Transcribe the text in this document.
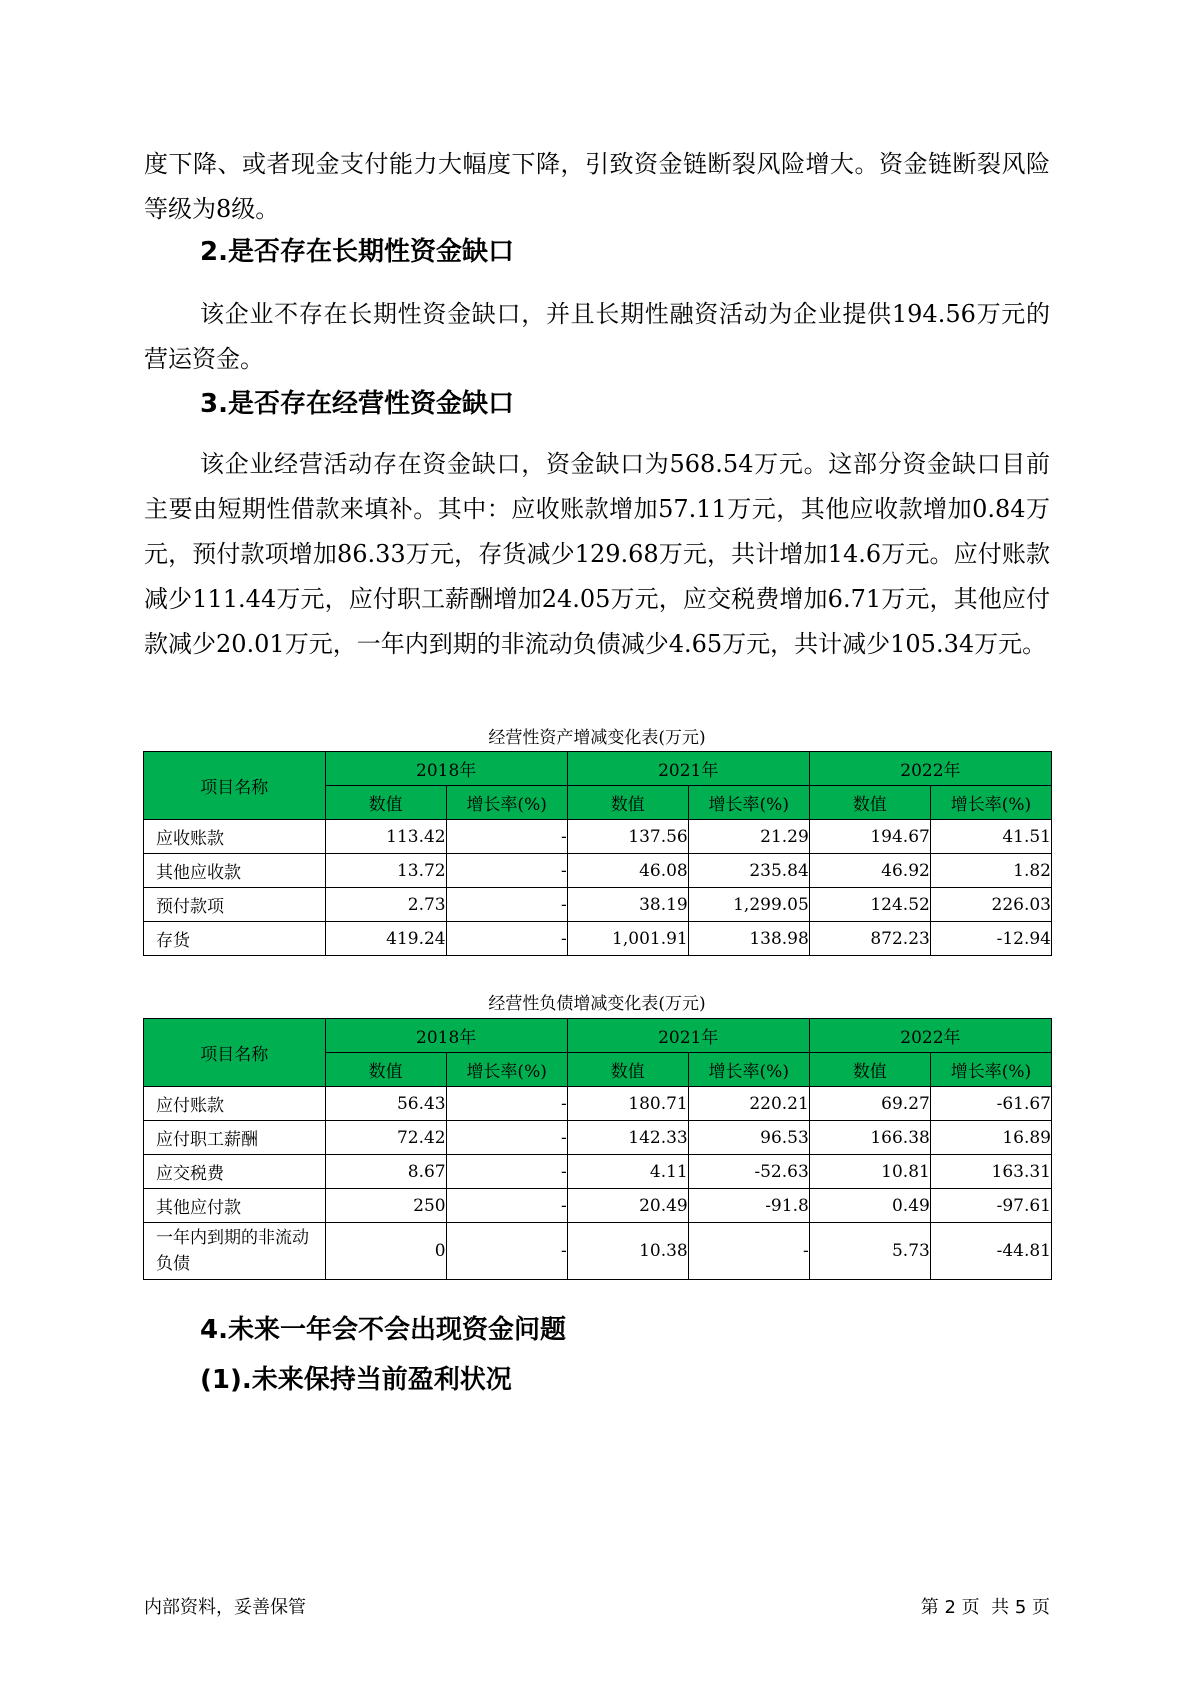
度下降、或者现金支付能力大幅度下降，引致资金链断裂风险增大。资金链断裂风险等级为8级。

2.是否存在长期性资金缺口

该企业不存在长期性资金缺口，并且长期性融资活动为企业提供194.56万元的营运资金。

3.是否存在经营性资金缺口

该企业经营活动存在资金缺口，资金缺口为568.54万元。这部分资金缺口目前主要由短期性借款来填补。其中：应收账款增加57.11万元，其他应收款增加0.84万元，预付款项增加86.33万元，存货减少129.68万元，共计增加14.6万元。应付账款减少111.44万元，应付职工薪酬增加24.05万元，应交税费增加6.71万元，其他应付款减少20.01万元，一年内到期的非流动负债减少4.65万元，共计减少105.34万元。

经营性资产增减变化表(万元)
项目名称	2018年		2021年		2022年	
	数值	增长率(%)	数值	增长率(%)	数值	增长率(%)
应收账款	113.42	-	137.56	21.29	194.67	41.51
其他应收款	13.72	-	46.08	235.84	46.92	1.82
预付款项	2.73	-	38.19	1,299.05	124.52	226.03
存货	419.24	-	1,001.91	138.98	872.23	-12.94
经营性负债增减变化表(万元)
项目名称	2018年		2021年		2022年	
	数值	增长率(%)	数值	增长率(%)	数值	增长率(%)
应付账款	56.43	-	180.71	220.21	69.27	-61.67
应付职工薪酬	72.42	-	142.33	96.53	166.38	16.89
应交税费	8.67	-	4.11	-52.63	10.81	163.31
其他应付款	250	-	20.49	-91.8	0.49	-97.61
一年内到期的非流动负债	0	-	10.38	-	5.73	-44.81
4.未来一年会不会出现资金问题
(1).未来保持当前盈利状况
内部资料，妥善保管	第 2 页  共 5 页
